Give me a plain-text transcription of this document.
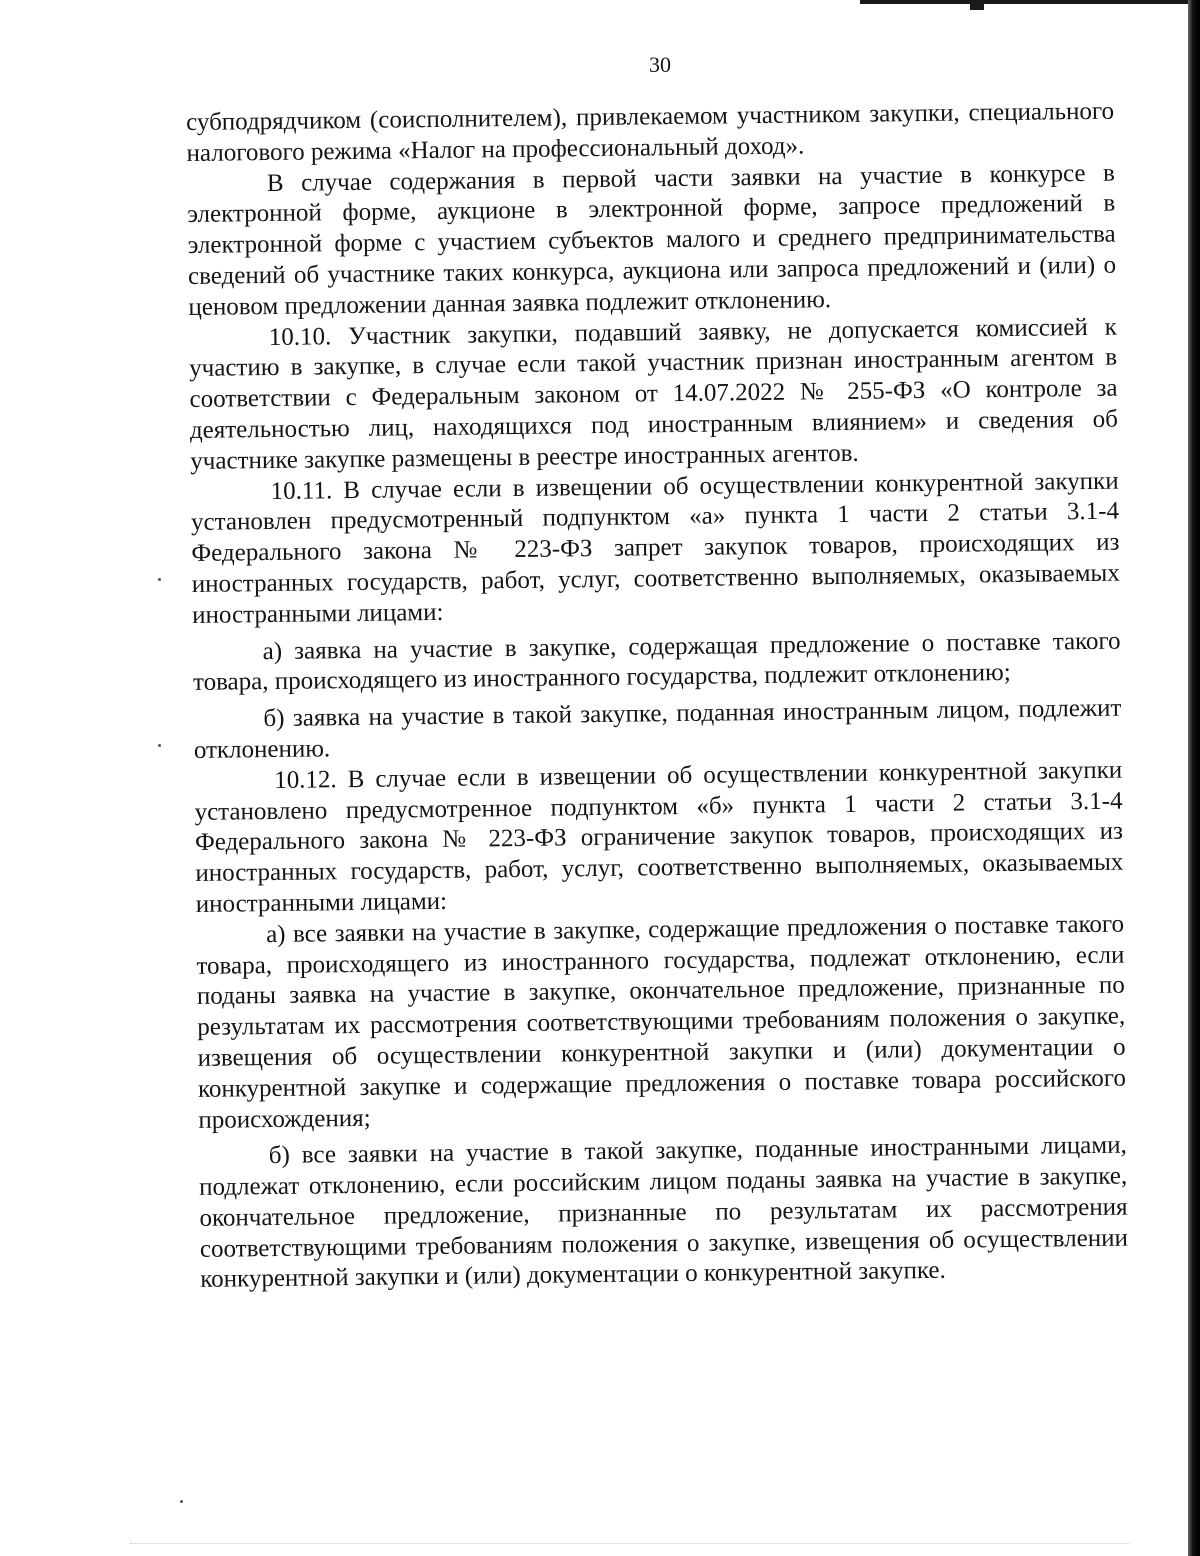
30

субподрядчиком (соисполнителем), привлекаемом участником закупки, специального налогового режима «Налог на профессиональный доход».

В случае содержания в первой части заявки на участие в конкурсе в электронной форме, аукционе в электронной форме, запросе предложений в электронной форме с участием субъектов малого и среднего предпринимательства сведений об участнике таких конкурса, аукциона или запроса предложений и (или) о ценовом предложении данная заявка подлежит отклонению.

10.10. Участник закупки, подавший заявку, не допускается комиссией к участию в закупке, в случае если такой участник признан иностранным агентом в соответствии с Федеральным законом от 14.07.2022 № 255-ФЗ «О контроле за деятельностью лиц, находящихся под иностранным влиянием» и сведения об участнике закупке размещены в реестре иностранных агентов.

10.11. В случае если в извещении об осуществлении конкурентной закупки установлен предусмотренный подпунктом «а» пункта 1 части 2 статьи 3.1-4 Федерального закона № 223-ФЗ запрет закупок товаров, происходящих из иностранных государств, работ, услуг, соответственно выполняемых, оказываемых иностранными лицами:

а) заявка на участие в закупке, содержащая предложение о поставке такого товара, происходящего из иностранного государства, подлежит отклонению;

б) заявка на участие в такой закупке, поданная иностранным лицом, подлежит отклонению.

10.12. В случае если в извещении об осуществлении конкурентной закупки установлено предусмотренное подпунктом «б» пункта 1 части 2 статьи 3.1-4 Федерального закона № 223-ФЗ ограничение закупок товаров, происходящих из иностранных государств, работ, услуг, соответственно выполняемых, оказываемых иностранными лицами:

а) все заявки на участие в закупке, содержащие предложения о поставке такого товара, происходящего из иностранного государства, подлежат отклонению, если поданы заявка на участие в закупке, окончательное предложение, признанные по результатам их рассмотрения соответствующими требованиям положения о закупке, извещения об осуществлении конкурентной закупки и (или) документации о конкурентной закупке и содержащие предложения о поставке товара российского происхождения;

б) все заявки на участие в такой закупке, поданные иностранными лицами, подлежат отклонению, если российским лицом поданы заявка на участие в закупке, окончательное предложение, признанные по результатам их рассмотрения соответствующими требованиям положения о закупке, извещения об осуществлении конкурентной закупки и (или) документации о конкурентной закупке.
